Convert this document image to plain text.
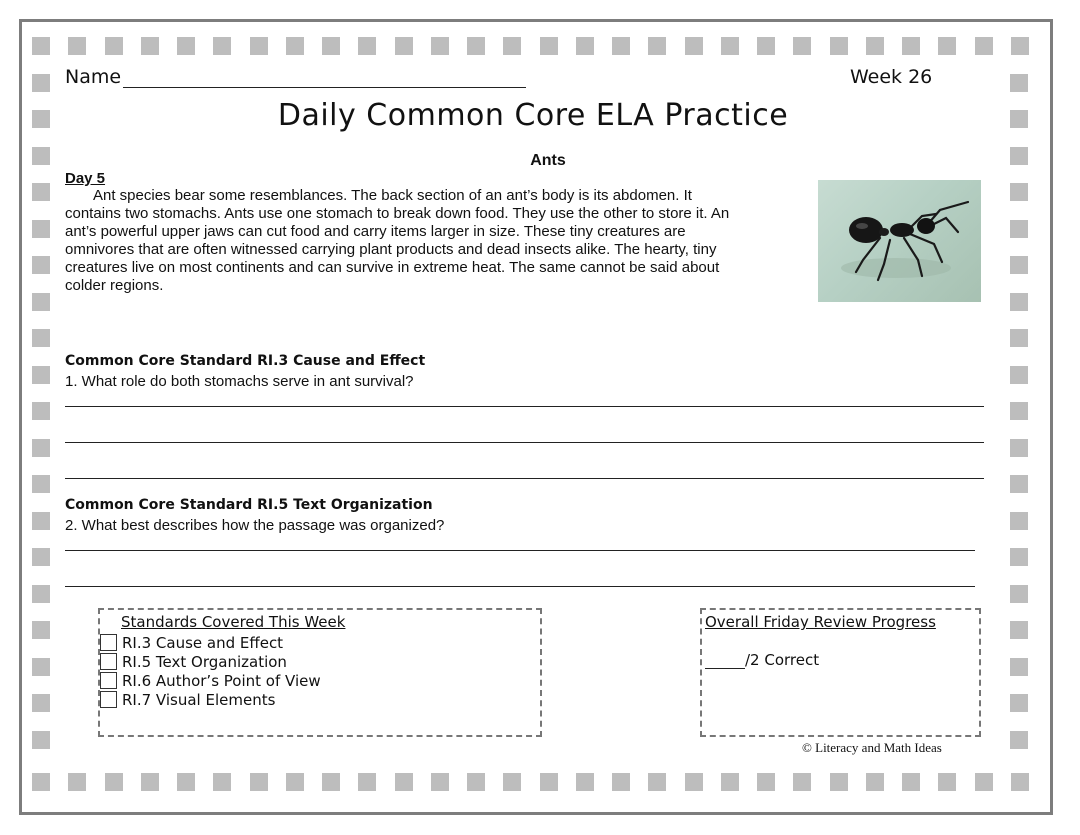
Name	Week 26
Daily Common Core ELA Practice
Ants
Day 5
Ant species bear some resemblances. The back section of an ant’s body is its abdomen. It
contains two stomachs. Ants use one stomach to break down food. They use the other to store it. An
ant’s powerful upper jaws can cut food and carry items larger in size. These tiny creatures are
omnivores that are often witnessed carrying plant products and dead insects alike. The hearty, tiny
creatures live on most continents and can survive in extreme heat. The same cannot be said about
colder regions.
Common Core Standard RI.3 Cause and Effect
1. What role do both stomachs serve in ant survival?
Common Core Standard RI.5 Text Organization
2. What best describes how the passage was organized?
Standards Covered This Week
RI.3 Cause and Effect
RI.5 Text Organization
RI.6 Author’s Point of View
RI.7 Visual Elements
Overall Friday Review Progress
/2 Correct
© Literacy and Math Ideas
